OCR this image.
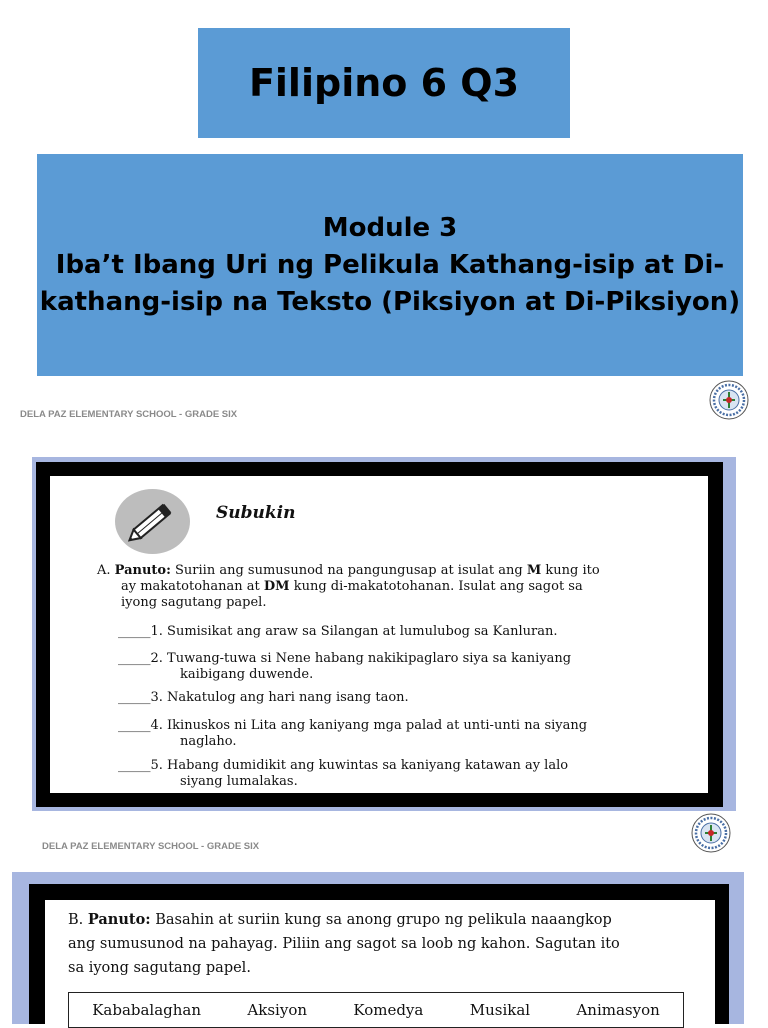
Filipino 6 Q3
Module 3
Iba’t Ibang Uri ng Pelikula Kathang-isip at Di-
kathang-isip na Teksto (Piksiyon at Di-Piksiyon)
DELA PAZ ELEMENTARY SCHOOL - GRADE SIX
Subukin
A. Panuto: Suriin ang sumusunod na pangungusap at isulat ang M kung ito
ay makatotohanan at DM kung di-makatotohanan. Isulat ang sagot sa
iyong sagutang papel.
_____1. Sumisikat ang araw sa Silangan at lumulubog sa Kanluran.
_____2. Tuwang-tuwa si Nene habang nakikipaglaro siya sa kaniyang
kaibigang duwende.
_____3. Nakatulog ang hari nang isang taon.
_____4. Ikinuskos ni Lita ang kaniyang mga palad at unti-unti na siyang
naglaho.
_____5. Habang dumidikit ang kuwintas sa kaniyang katawan ay lalo
siyang lumalakas.
DELA PAZ ELEMENTARY SCHOOL - GRADE SIX
B. Panuto: Basahin at suriin kung sa anong grupo ng pelikula naaangkop
ang sumusunod na pahayag. Piliin ang sagot sa loob ng kahon. Sagutan ito
sa iyong sagutang papel.
Kababalaghan	Aksiyon	Komedya	Musikal	Animasyon
